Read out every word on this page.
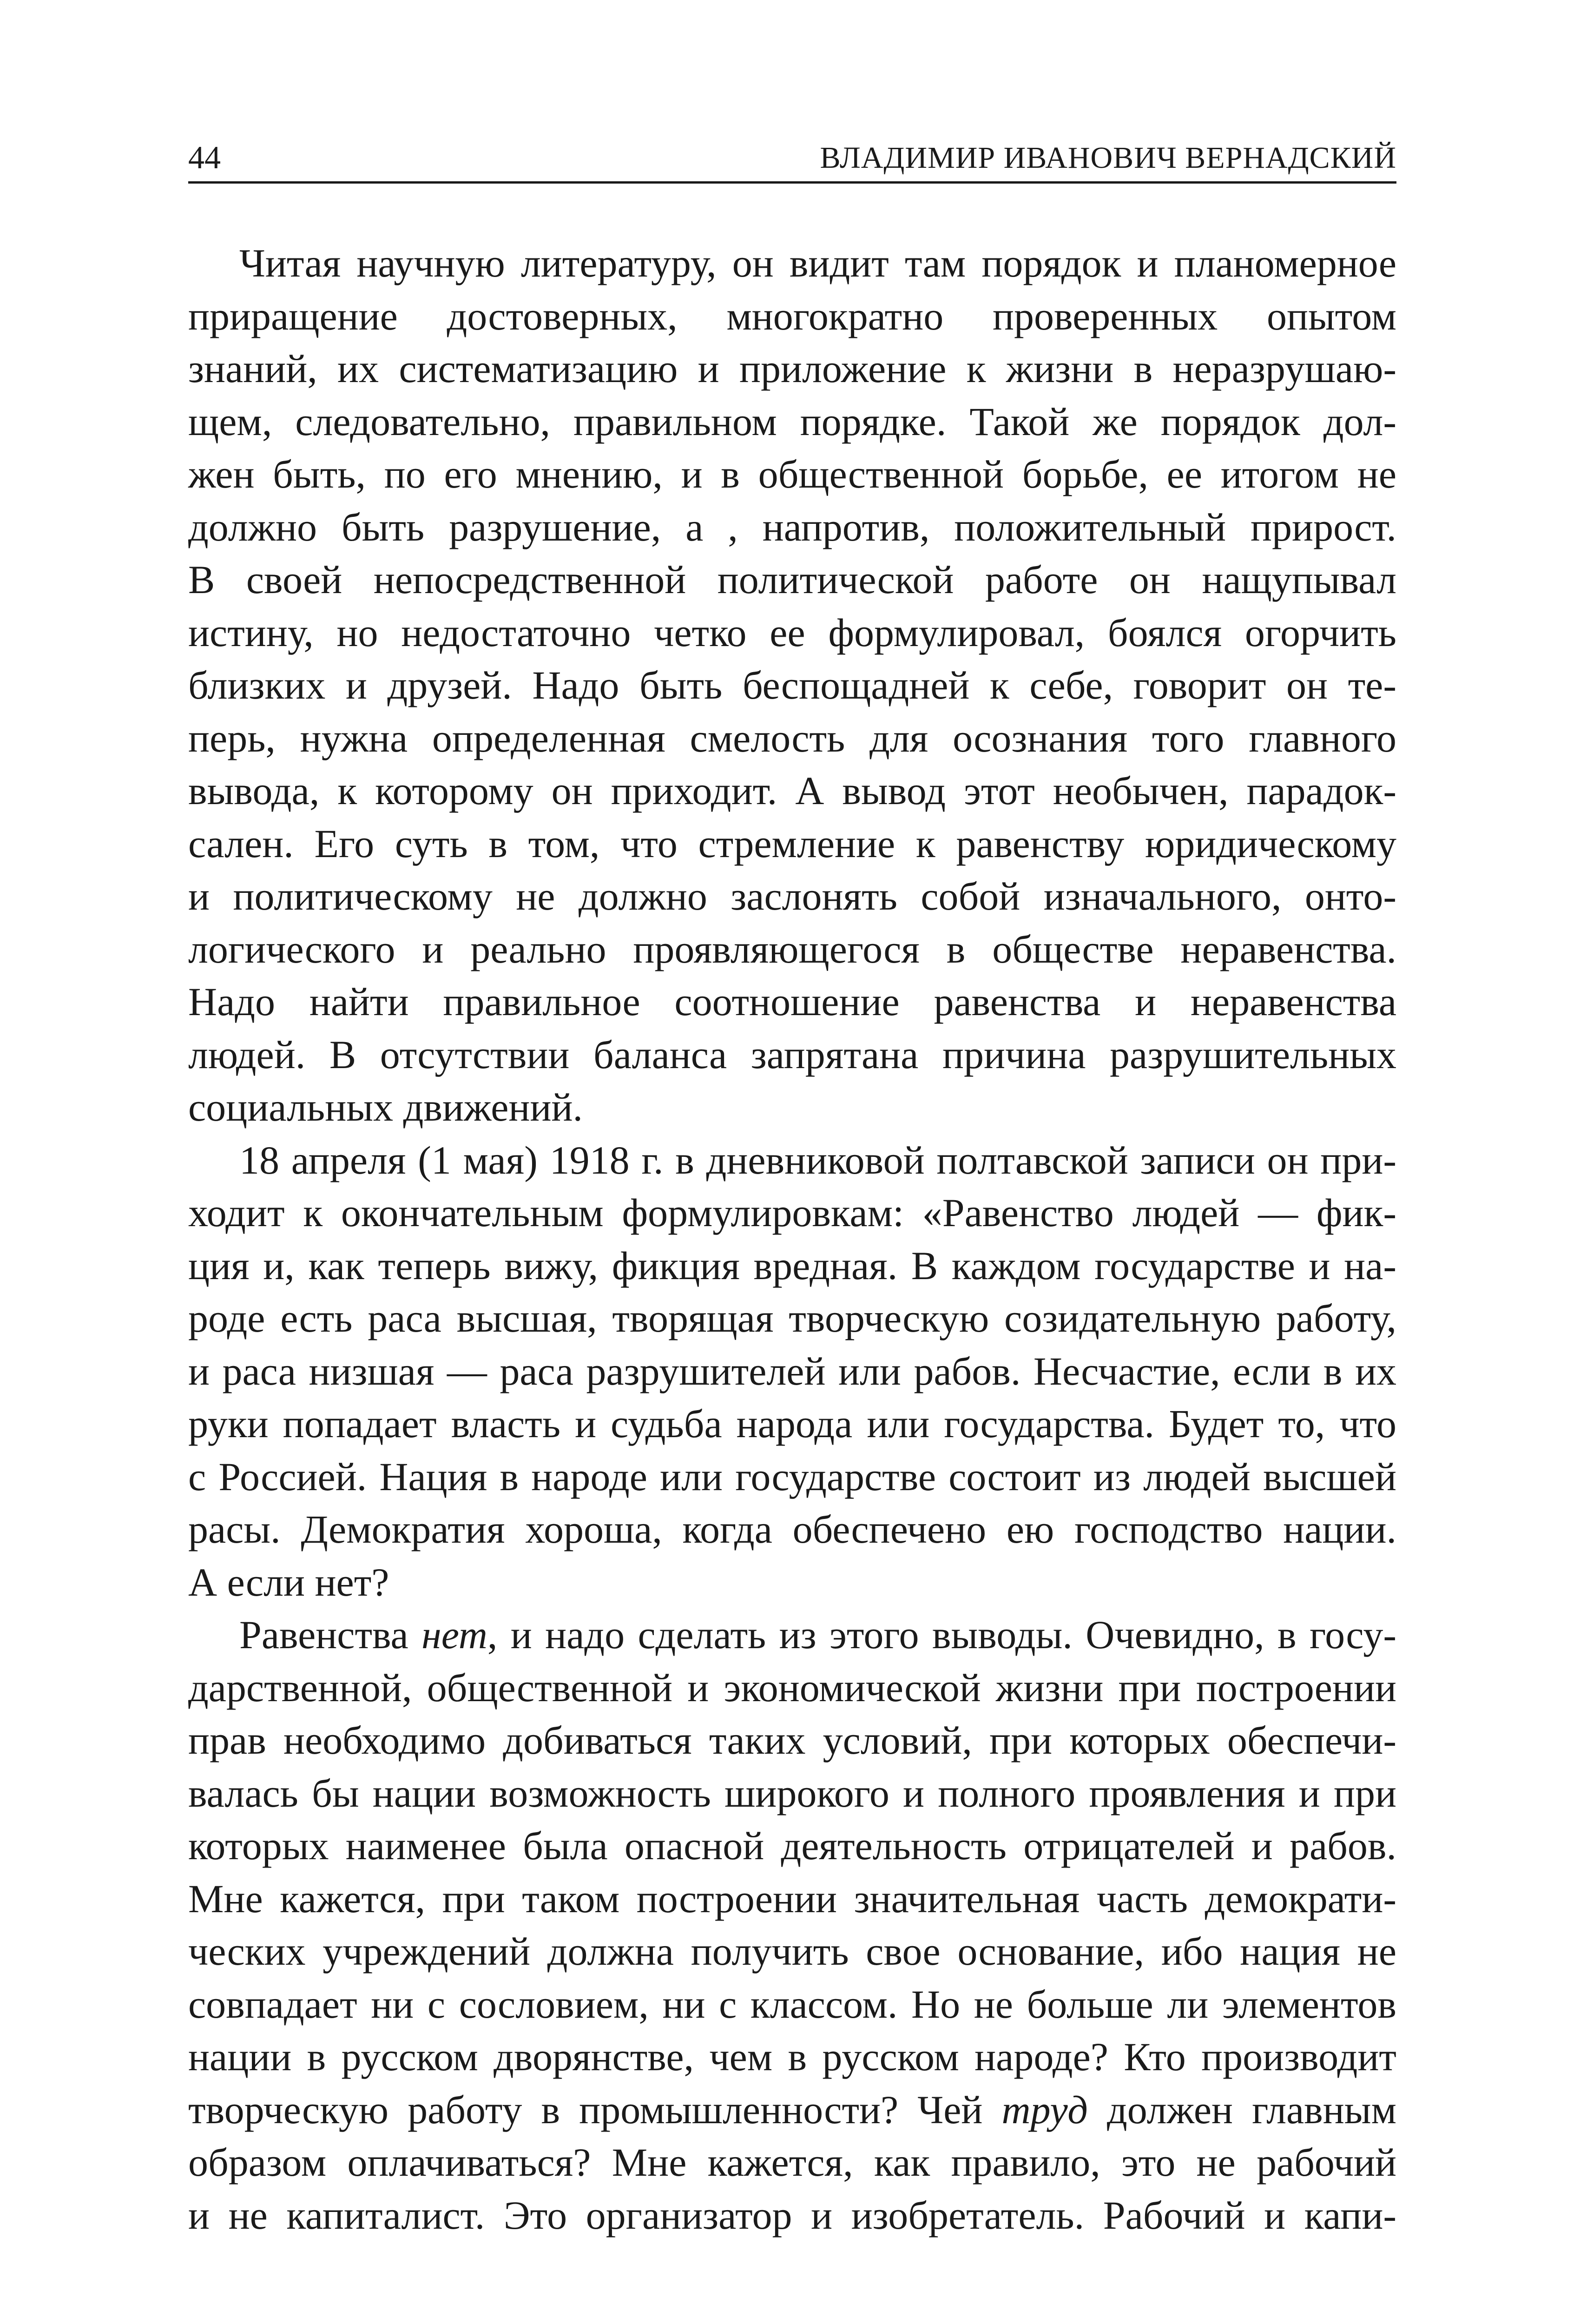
44	ВЛАДИМИР ИВАНОВИЧ ВЕРНАДСКИЙ
Читая научную литературу, он видит там порядок и планомерное
приращение достоверных, многократно проверенных опытом
знаний, их систематизацию и приложение к жизни в неразрушаю-
щем, следовательно, правильном порядке. Такой же порядок дол-
жен быть, по его мнению, и в общественной борьбе, ее итогом не
должно быть разрушение, а , напротив, положительный прирост.
В своей непосредственной политической работе он нащупывал
истину, но недостаточно четко ее формулировал, боялся огорчить
близких и друзей. Надо быть беспощадней к себе, говорит он те-
перь, нужна определенная смелость для осознания того главного
вывода, к которому он приходит. А вывод этот необычен, парадок-
сален. Его суть в том, что стремление к равенству юридическому
и политическому не должно заслонять собой изначального, онто-
логического и реально проявляющегося в обществе неравенства.
Надо найти правильное соотношение равенства и неравенства
людей. В отсутствии баланса запрятана причина разрушительных
социальных движений.
18 апреля (1 мая) 1918 г. в дневниковой полтавской записи он при-
ходит к окончательным формулировкам: «Равенство людей — фик-
ция и, как теперь вижу, фикция вредная. В каждом государстве и на-
роде есть раса высшая, творящая творческую созидательную работу,
и раса низшая — раса разрушителей или рабов. Несчастие, если в их
руки попадает власть и судьба народа или государства. Будет то, что
с Россией. Нация в народе или государстве состоит из людей высшей
расы. Демократия хороша, когда обеспечено ею господство нации.
А если нет?
Равенства нет, и надо сделать из этого выводы. Очевидно, в госу-
дарственной, общественной и экономической жизни при построении
прав необходимо добиваться таких условий, при которых обеспечи-
валась бы нации возможность широкого и полного проявления и при
которых наименее была опасной деятельность отрицателей и рабов.
Мне кажется, при таком построении значительная часть демократи-
ческих учреждений должна получить свое основание, ибо нация не
совпадает ни с сословием, ни с классом. Но не больше ли элементов
нации в русском дворянстве, чем в русском народе? Кто производит
творческую работу в промышленности? Чей труд должен главным
образом оплачиваться? Мне кажется, как правило, это не рабочий
и не капиталист. Это организатор и изобретатель. Рабочий и капи-
